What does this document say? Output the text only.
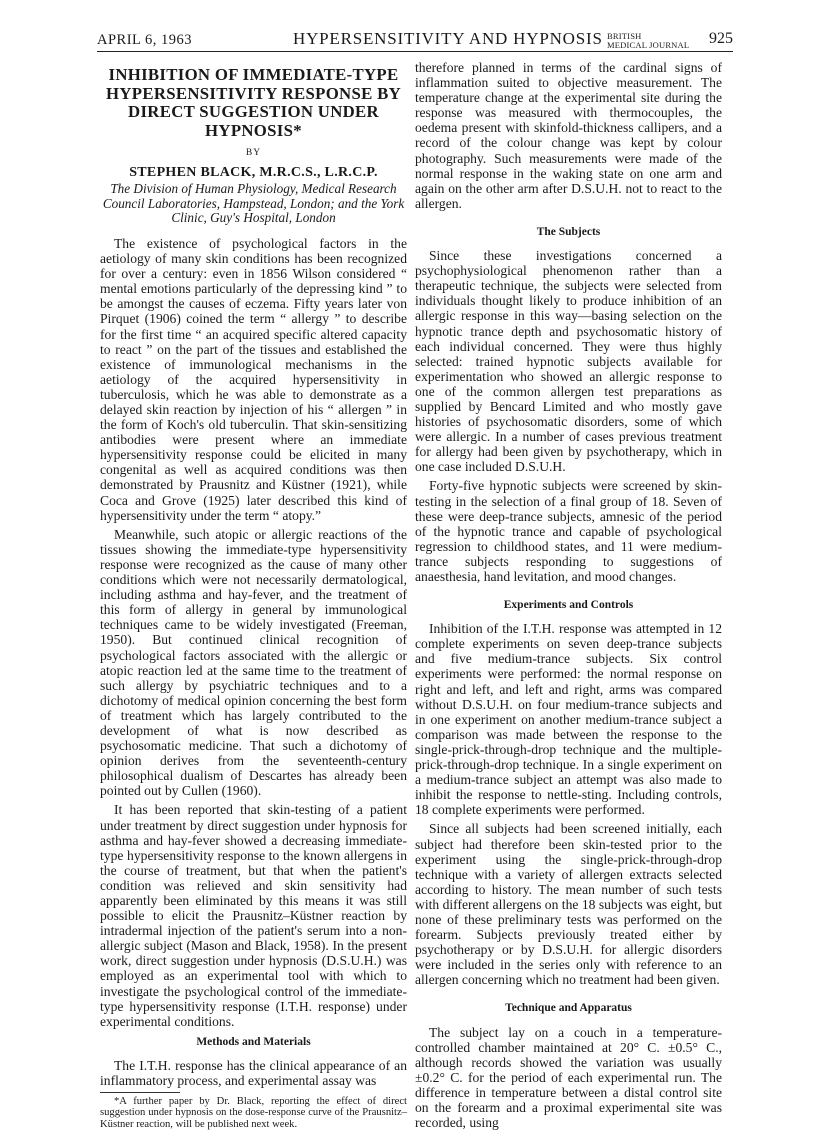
APRIL 6, 1963	HYPERSENSITIVITY AND HYPNOSIS BRITISH
MEDICAL JOURNAL 925
INHIBITION OF IMMEDIATE-TYPE HYPERSENSITIVITY RESPONSE BY DIRECT SUGGESTION UNDER HYPNOSIS*
BY
STEPHEN BLACK, M.R.C.S., L.R.C.P.
The Division of Human Physiology, Medical Research Council Laboratories, Hampstead, London; and the York Clinic, Guy's Hospital, London

The existence of psychological factors in the aetiology of many skin conditions has been recognized for over a century: even in 1856 Wilson considered “ mental emotions particularly of the depressing kind ” to be amongst the causes of eczema. Fifty years later von Pirquet (1906) coined the term “ allergy ” to describe for the first time “ an acquired specific altered capacity to react ” on the part of the tissues and established the existence of immunological mechanisms in the aetiology of the acquired hypersensitivity in tuberculosis, which he was able to demonstrate as a delayed skin reaction by injection of his “ allergen ” in the form of Koch's old tuberculin. That skin-sensitizing antibodies were present where an immediate hypersensitivity response could be elicited in many congenital as well as acquired conditions was then demonstrated by Prausnitz and Küstner (1921), while Coca and Grove (1925) later described this kind of hypersensitivity under the term “ atopy.”

Meanwhile, such atopic or allergic reactions of the tissues showing the immediate-type hypersensitivity response were recognized as the cause of many other conditions which were not necessarily dermatological, including asthma and hay-fever, and the treatment of this form of allergy in general by immunological techniques came to be widely investigated (Freeman, 1950). But continued clinical recognition of psychological factors associated with the allergic or atopic reaction led at the same time to the treatment of such allergy by psychiatric techniques and to a dichotomy of medical opinion concerning the best form of treatment which has largely contributed to the development of what is now described as psychosomatic medicine. That such a dichotomy of opinion derives from the seventeenth-century philosophical dualism of Descartes has already been pointed out by Cullen (1960).

It has been reported that skin-testing of a patient under treatment by direct suggestion under hypnosis for asthma and hay-fever showed a decreasing immediate-type hypersensitivity response to the known allergens in the course of treatment, but that when the patient's condition was relieved and skin sensitivity had apparently been eliminated by this means it was still possible to elicit the Prausnitz–Küstner reaction by intradermal injection of the patient's serum into a non-allergic subject (Mason and Black, 1958). In the present work, direct suggestion under hypnosis (D.S.U.H.) was employed as an experimental tool with which to investigate the psychological control of the immediate-type hypersensitivity response (I.T.H. response) under experimental conditions.

Methods and Materials

The I.T.H. response has the clinical appearance of an inflammatory process, and experimental assay was

*A further paper by Dr. Black, reporting the effect of direct suggestion under hypnosis on the dose-response curve of the Prausnitz–Küstner reaction, will be published next week.

therefore planned in terms of the cardinal signs of inflammation suited to objective measurement. The temperature change at the experimental site during the response was measured with thermocouples, the oedema present with skinfold-thickness callipers, and a record of the colour change was kept by colour photography. Such measurements were made of the normal response in the waking state on one arm and again on the other arm after D.S.U.H. not to react to the allergen.

The Subjects

Since these investigations concerned a psychophysiological phenomenon rather than a therapeutic technique, the subjects were selected from individuals thought likely to produce inhibition of an allergic response in this way—basing selection on the hypnotic trance depth and psychosomatic history of each individual concerned. They were thus highly selected: trained hypnotic subjects available for experimentation who showed an allergic response to one of the common allergen test preparations as supplied by Bencard Limited and who mostly gave histories of psychosomatic disorders, some of which were allergic. In a number of cases previous treatment for allergy had been given by psychotherapy, which in one case included D.S.U.H.

Forty-five hypnotic subjects were screened by skin-testing in the selection of a final group of 18. Seven of these were deep-trance subjects, amnesic of the period of the hypnotic trance and capable of psychological regression to childhood states, and 11 were medium-trance subjects responding to suggestions of anaesthesia, hand levitation, and mood changes.

Experiments and Controls

Inhibition of the I.T.H. response was attempted in 12 complete experiments on seven deep-trance subjects and five medium-trance subjects. Six control experiments were performed: the normal response on right and left, and left and right, arms was compared without D.S.U.H. on four medium-trance subjects and in one experiment on another medium-trance subject a comparison was made between the response to the single-prick-through-drop technique and the multiple-prick-through-drop technique. In a single experiment on a medium-trance subject an attempt was also made to inhibit the response to nettle-sting. Including controls, 18 complete experiments were performed.

Since all subjects had been screened initially, each subject had therefore been skin-tested prior to the experiment using the single-prick-through-drop technique with a variety of allergen extracts selected according to history. The mean number of such tests with different allergens on the 18 subjects was eight, but none of these preliminary tests was performed on the forearm. Subjects previously treated either by psychotherapy or by D.S.U.H. for allergic disorders were included in the series only with reference to an allergen concerning which no treatment had been given.

Technique and Apparatus

The subject lay on a couch in a temperature-controlled chamber maintained at 20° C. ±0.5° C., although records showed the variation was usually ±0.2° C. for the period of each experimental run. The difference in temperature between a distal control site on the forearm and a proximal experimental site was recorded, using
